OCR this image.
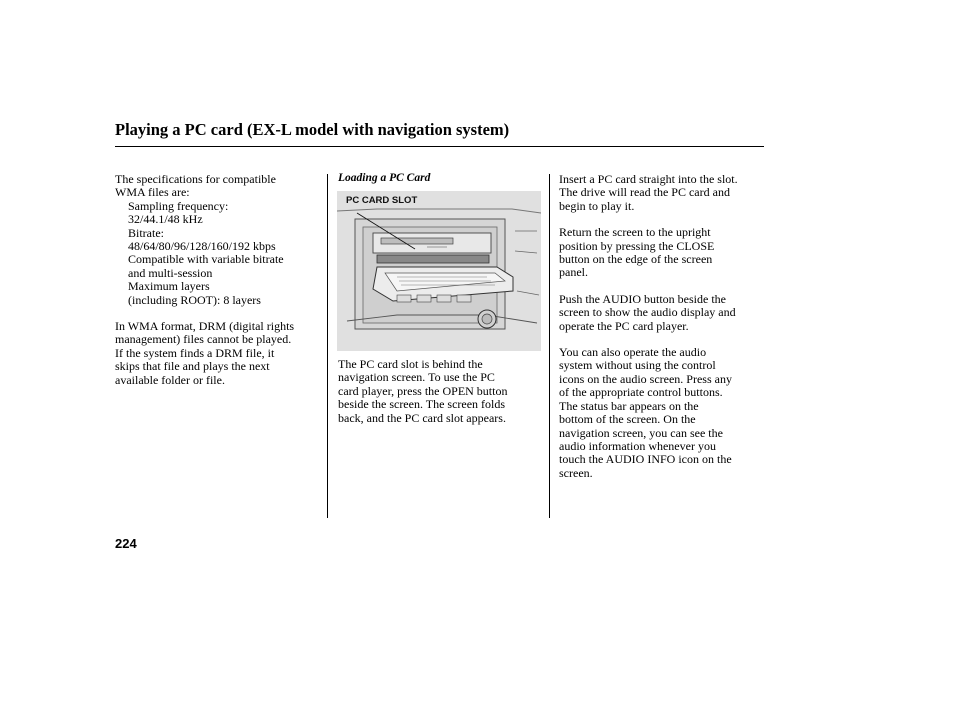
Playing a PC card (EX-L model with navigation system)

The specifications for compatible

WMA files are:

Sampling frequency:

32/44.1/48 kHz

Bitrate:

48/64/80/96/128/160/192 kbps

Compatible with variable bitrate

and multi-session

Maximum layers

(including ROOT): 8 layers

In WMA format, DRM (digital rights

management) files cannot be played.

If the system finds a DRM file, it

skips that file and plays the next

available folder or file.

Loading a PC Card
PC CARD SLOT

The PC card slot is behind the

navigation screen. To use the PC

card player, press the OPEN button

beside the screen. The screen folds

back, and the PC card slot appears.

Insert a PC card straight into the slot.

The drive will read the PC card and

begin to play it.

Return the screen to the upright

position by pressing the CLOSE

button on the edge of the screen

panel.

Push the AUDIO button beside the

screen to show the audio display and

operate the PC card player.

You can also operate the audio

system without using the control

icons on the audio screen. Press any

of the appropriate control buttons.

The status bar appears on the

bottom of the screen. On the

navigation screen, you can see the

audio information whenever you

touch the AUDIO INFO icon on the

screen.

224
